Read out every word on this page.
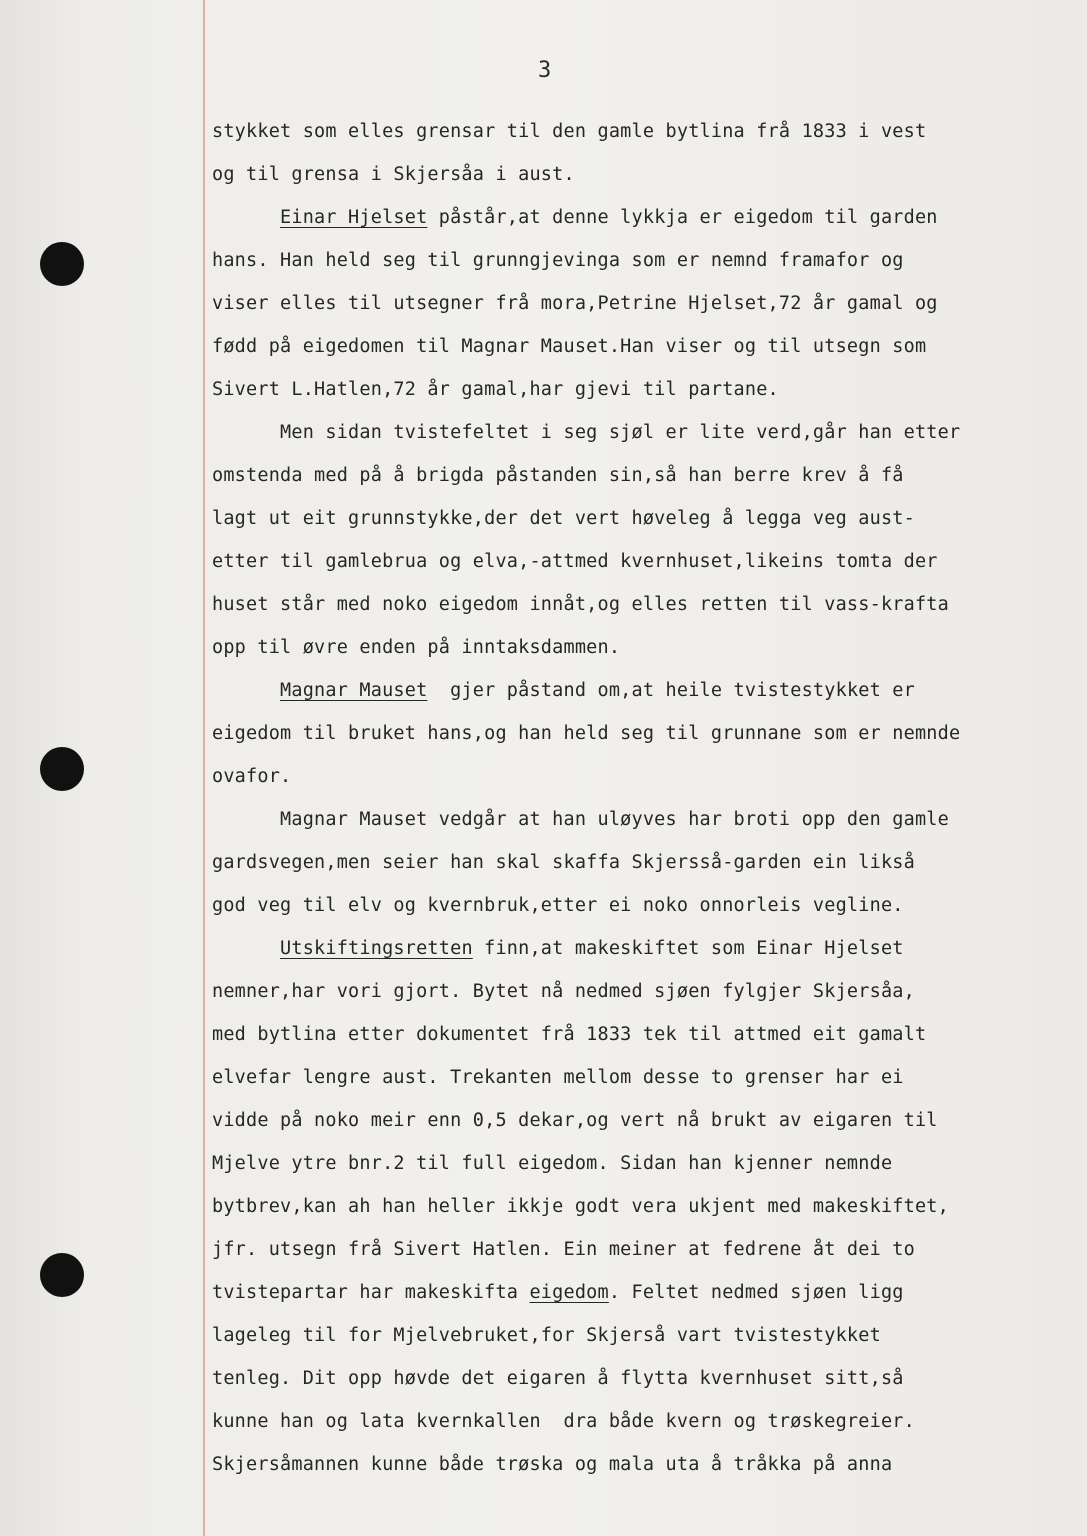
3
stykket som elles grensar til den gamle bytlina frå 1833 i vest
og til grensa i Skjersåa i aust.
Einar Hjelset påstår,at denne lykkja er eigedom til garden
hans. Han held seg til grunngjevinga som er nemnd framafor og
viser elles til utsegner frå mora,Petrine Hjelset,72 år gamal og
fødd på eigedomen til Magnar Mauset.Han viser og til utsegn som
Sivert L.Hatlen,72 år gamal,har gjevi til partane.
Men sidan tvistefeltet i seg sjøl er lite verd,går han etter
omstenda med på å brigda påstanden sin,så han berre krev å få
lagt ut eit grunnstykke,der det vert høveleg å legga veg aust-
etter til gamlebrua og elva,-attmed kvernhuset,likeins tomta der
huset står med noko eigedom innåt,og elles retten til vass-krafta
opp til øvre enden på inntaksdammen.
Magnar Mauset  gjer påstand om,at heile tvistestykket er
eigedom til bruket hans,og han held seg til grunnane som er nemnde
ovafor.
Magnar Mauset vedgår at han uløyves har broti opp den gamle
gardsvegen,men seier han skal skaffa Skjersså-garden ein likså
god veg til elv og kvernbruk,etter ei noko onnorleis vegline.
Utskiftingsretten finn,at makeskiftet som Einar Hjelset
nemner,har vori gjort. Bytet nå nedmed sjøen fylgjer Skjersåa,
med bytlina etter dokumentet frå 1833 tek til attmed eit gamalt
elvefar lengre aust. Trekanten mellom desse to grenser har ei
vidde på noko meir enn 0,5 dekar,og vert nå brukt av eigaren til
Mjelve ytre bnr.2 til full eigedom. Sidan han kjenner nemnde
bytbrev,kan ah han heller ikkje godt vera ukjent med makeskiftet,
jfr. utsegn frå Sivert Hatlen. Ein meiner at fedrene åt dei to
tvistepartar har makeskifta eigedom. Feltet nedmed sjøen ligg
lageleg til for Mjelvebruket,for Skjerså vart tvistestykket
tenleg. Dit opp høvde det eigaren å flytta kvernhuset sitt,så
kunne han og lata kvernkallen  dra både kvern og trøskegreier.
Skjersåmannen kunne både trøska og mala uta å tråkka på anna
